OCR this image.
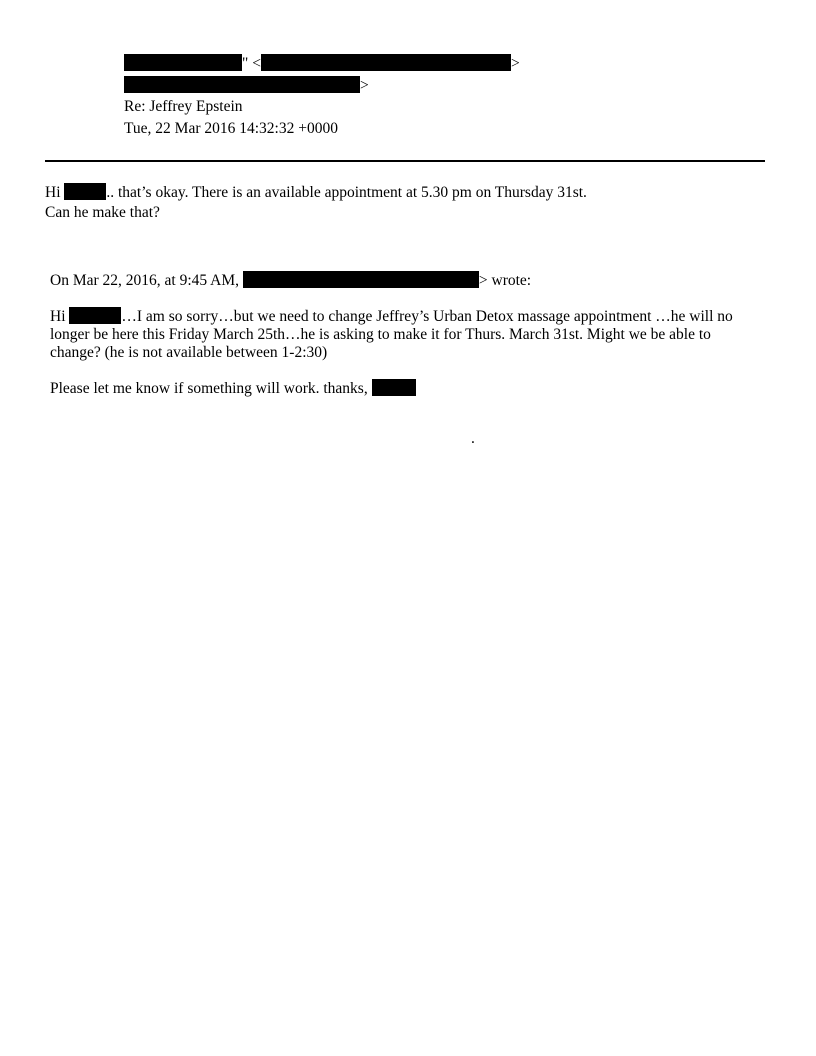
" <	>
>
Re: Jeffrey Epstein
Tue, 22 Mar 2016 14:32:32 +0000
Hi	.. that’s okay. There is an available appointment at 5.30 pm on Thursday 31st.
Can he make that?
On Mar 22, 2016, at 9:45 AM,	> wrote:
Hi	…I am so sorry…but we need to change Jeffrey’s Urban Detox massage appointment …he will no
longer be here this Friday March 25th…he is asking to make it for Thurs. March 31st. Might we be able to
change? (he is not available between 1-2:30)
Please let me know if something will work. thanks,
.
